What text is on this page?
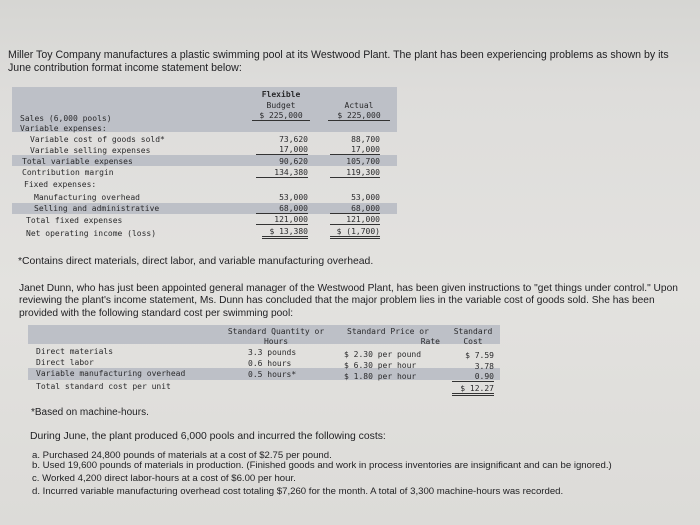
Miller Toy Company manufactures a plastic swimming pool at its Westwood Plant. The plant has been experiencing problems as shown by its June contribution format income statement below:
Flexible
Budget
$ 225,000
Actual
$ 225,000
Sales (6,000 pools)
Variable expenses:
Variable cost of goods sold*
Variable selling expenses
Total variable expenses
Contribution margin
Fixed expenses:
Manufacturing overhead
Selling and administrative
Total fixed expenses
Net operating income (loss)
73,620
17,000
90,620
134,380
53,000
68,000
121,000
$ 13,380
88,700
17,000
105,700
119,300
53,000
68,000
121,000
$ (1,700)
*Contains direct materials, direct labor, and variable manufacturing overhead.
Janet Dunn, who has just been appointed general manager of the Westwood Plant, has been given instructions to "get things under control." Upon reviewing the plant's income statement, Ms. Dunn has concluded that the major problem lies in the variable cost of goods sold. She has been provided with the following standard cost per swimming pool:
Standard Quantity or
Hours
Standard Price or
Rate
Standard
Cost
Direct materials
Direct labor
Variable manufacturing overhead
Total standard cost per unit
3.3 pounds
0.6 hours
0.5 hours*
$ 2.30 per pound
$ 6.30 per hour
$ 1.80 per hour
$ 7.59
3.78
0.90
$ 12.27
*Based on machine-hours.
During June, the plant produced 6,000 pools and incurred the following costs:
a. Purchased 24,800 pounds of materials at a cost of $2.75 per pound.
b. Used 19,600 pounds of materials in production. (Finished goods and work in process inventories are insignificant and can be ignored.)
c. Worked 4,200 direct labor-hours at a cost of $6.00 per hour.
d. Incurred variable manufacturing overhead cost totaling $7,260 for the month. A total of 3,300 machine-hours was recorded.
